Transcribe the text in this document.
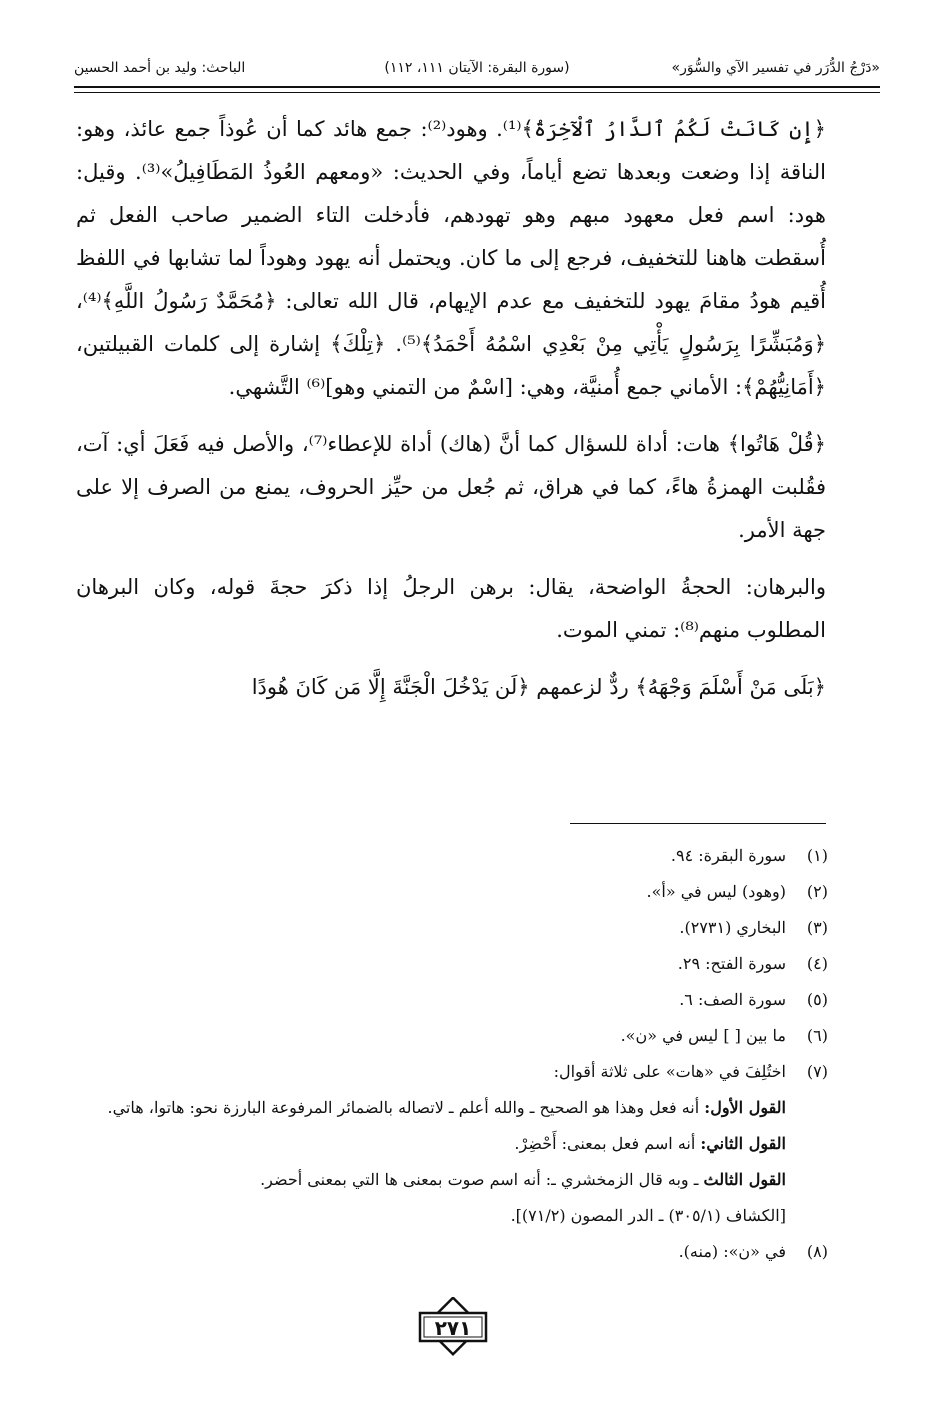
«دَرْجُ الدُّرَر في تفسير الآي والسُّوَر»
(سورة البقرة: الآيتان ١١١، ١١٢)
الباحث: وليد بن أحمد الحسين

﴿إِن كَانَتْ لَكُمُ ٱلدَّارُ ٱلْآخِرَةُ﴾⁽¹⁾. وهود⁽²⁾: جمع هائد كما أن عُوذاً جمع عائذ، وهو: الناقة إذا وضعت وبعدها تضع أياماً، وفي الحديث: «ومعهم العُوذُ المَطَافِيلُ»⁽³⁾. وقيل: هود: اسم فعل معهود مبهم وهو تهودهم، فأدخلت التاء الضمير صاحب الفعل ثم أُسقطت هاهنا للتخفيف، فرجع إلى ما كان. ويحتمل أنه يهود وهوداً لما تشابها في اللفظ أُقيم هودُ مقامَ يهود للتخفيف مع عدم الإيهام، قال الله تعالى: ﴿مُحَمَّدٌ رَسُولُ اللَّهِ﴾⁽⁴⁾، ﴿وَمُبَشِّرًا بِرَسُولٍ يَأْتِي مِنْ بَعْدِي اسْمُهُ أَحْمَدُ﴾⁽⁵⁾. ﴿تِلْكَ﴾ إشارة إلى كلمات القبيلتين، ﴿أَمَانِيُّهُمْ﴾: الأماني جمع أُمنيَّة، وهي: [اسْمٌ من التمني وهو]⁽⁶⁾ التَّشهي.

﴿قُلْ هَاتُوا﴾ هات: أداة للسؤال كما أنَّ (هاك) أداة للإعطاء⁽⁷⁾، والأصل فيه فَعَلَ أي: آت، فقُلبت الهمزةُ هاءً، كما في هراق، ثم جُعل من حيِّز الحروف، يمنع من الصرف إلا على جهة الأمر.

والبرهان: الحجةُ الواضحة، يقال: برهن الرجلُ إذا ذكرَ حجةَ قوله، وكان البرهان المطلوب منهم⁽⁸⁾: تمني الموت.

﴿بَلَى مَنْ أَسْلَمَ وَجْهَهُ﴾ ردٌّ لزعمهم ﴿لَن يَدْخُلَ الْجَنَّةَ إِلَّا مَن كَانَ هُودًا

(١)
سورة البقرة: ٩٤.
(٢)
(وهود) ليس في «أ».
(٣)
البخاري (٢٧٣١).
(٤)
سورة الفتح: ٢٩.
(٥)
سورة الصف: ٦.
(٦)
ما بين [ ] ليس في «ن».
(٧)
اختُلِفَ في «هات» على ثلاثة أقوال:
القول الأول: أنه فعل وهذا هو الصحيح ـ والله أعلم ـ لاتصاله بالضمائر المرفوعة البارزة نحو: هاتوا، هاتي.
القول الثاني: أنه اسم فعل بمعنى: أَحْضِرْ.
القول الثالث ـ وبه قال الزمخشري ـ: أنه اسم صوت بمعنى ها التي بمعنى أحضر.
[الكشاف (٣٠٥/١) ـ الدر المصون (٧١/٢)].
(٨)
في «ن»: (منه).
٢٧١
